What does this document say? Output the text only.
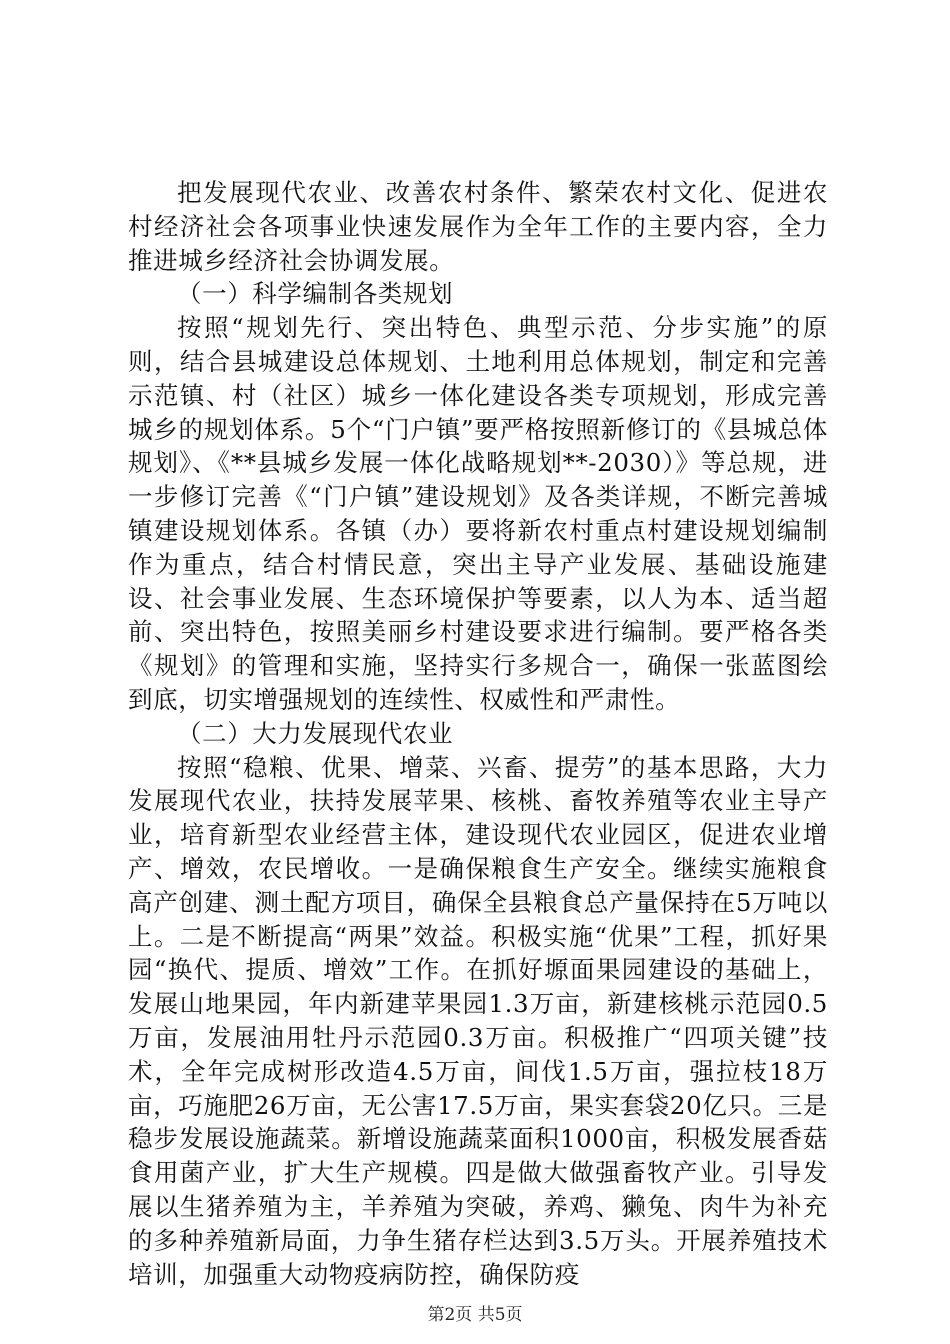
把发展现代农业、改善农村条件、繁荣农村文化、促进农村经济社会各项事业快速发展作为全年工作的主要内容，全力推进城乡经济社会协调发展。

（一）科学编制各类规划

按照“规划先行、突出特色、典型示范、分步实施”的原则，结合县城建设总体规划、土地利用总体规划，制定和完善示范镇、村（社区）城乡一体化建设各类专项规划，形成完善城乡的规划体系。5个“门户镇”要严格按照新修订的《县城总体规划》、《**县城乡发展一体化战略规划**-2030）》等总规，进一步修订完善《“门户镇”建设规划》及各类详规，不断完善城镇建设规划体系。各镇（办）要将新农村重点村建设规划编制作为重点，结合村情民意，突出主导产业发展、基础设施建设、社会事业发展、生态环境保护等要素，以人为本、适当超前、突出特色，按照美丽乡村建设要求进行编制。要严格各类《规划》的管理和实施，坚持实行多规合一，确保一张蓝图绘到底，切实增强规划的连续性、权威性和严肃性。

（二）大力发展现代农业

按照“稳粮、优果、增菜、兴畜、提劳”的基本思路，大力发展现代农业，扶持发展苹果、核桃、畜牧养殖等农业主导产业，培育新型农业经营主体，建设现代农业园区，促进农业增产、增效，农民增收。一是确保粮食生产安全。继续实施粮食高产创建、测土配方项目，确保全县粮食总产量保持在5万吨以上。二是不断提高“两果”效益。积极实施“优果”工程，抓好果园“换代、提质、增效”工作。在抓好塬面果园建设的基础上，发展山地果园，年内新建苹果园1.3万亩，新建核桃示范园0.5万亩，发展油用牡丹示范园0.3万亩。积极推广“四项关键”技术，全年完成树形改造4.5万亩，间伐1.5万亩，强拉枝18万亩，巧施肥26万亩，无公害17.5万亩，果实套袋20亿只。三是稳步发展设施蔬菜。新增设施蔬菜面积1000亩，积极发展香菇食用菌产业，扩大生产规模。四是做大做强畜牧产业。引导发展以生猪养殖为主，羊养殖为突破，养鸡、獭兔、肉牛为补充的多种养殖新局面，力争生猪存栏达到3.5万头。开展养殖技术培训，加强重大动物疫病防控，确保防疫

第2页 共5页
